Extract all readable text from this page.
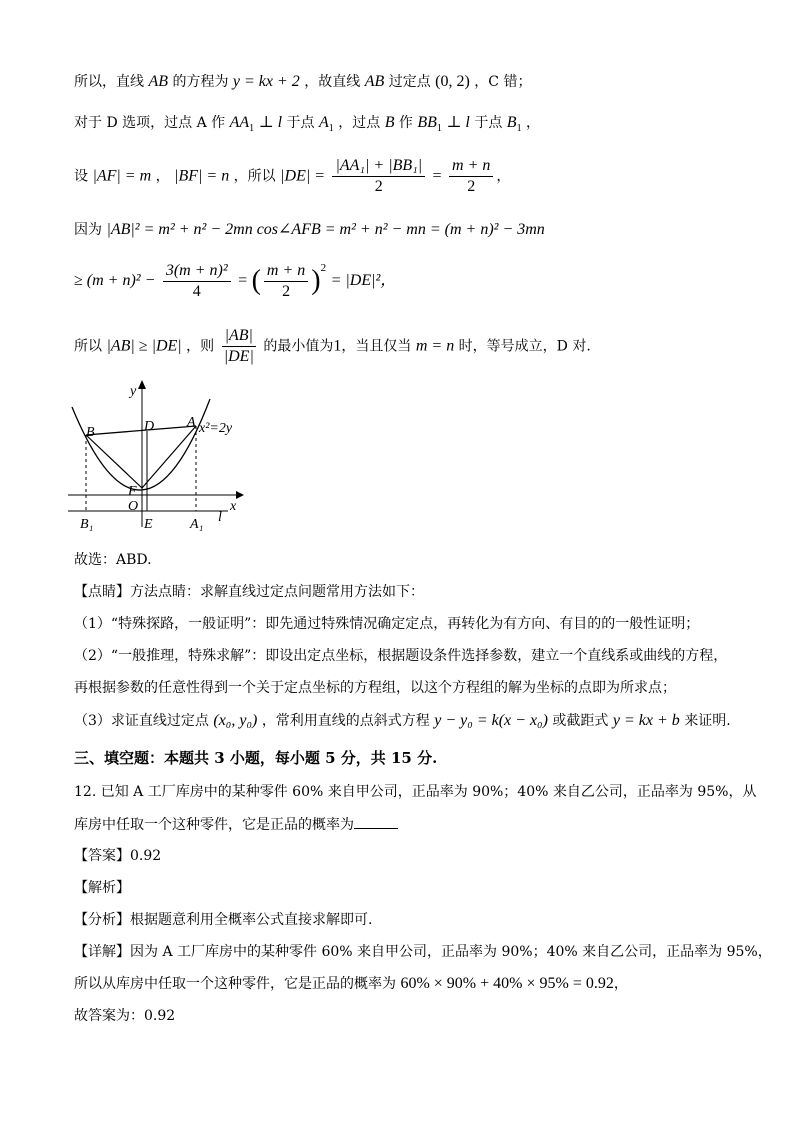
所以，直线 AB 的方程为 y = kx + 2 ，故直线 AB 过定点 (0, 2) ，C 错；
对于 D 选项，过点 A 作 $AA_1$ ⊥ l 于点 $A_1$ ，过点 B 作 $BB_1$ ⊥ l 于点 $B_1$ ，
设 |AF| = m ， |BF| = n ，所以 $|DE| = \frac{\text{|AA₁| + |BB₁|}}{2} = \frac{m + n}{2}$ ，
因为 |AB|² = m² + n² − 2mn cos∠AFB = m² + n² − mn = (m + n)² − 3mn
≥ $(m + n)^2 - \frac{\text{3(m + n)²}}{4}$ = ( $\frac{m + n}{2} )^2 = |DE|^2$，
所以 |AB| ≥ |DE| ，则 $\frac{|AB|}{|DE|}$ 的最小值为1，当且仅当 m = n 时，等号成立，D 对.
y
x
B	D A x²=2y
F
O
B₁	E	A₁ l
故选：ABD.
【点睛】方法点睛：求解直线过定点问题常用方法如下：
（1）“特殊探路，一般证明”：即先通过特殊情况确定定点，再转化为有方向、有目的的一般性证明；
（2）“一般推理，特殊求解”：即设出定点坐标，根据题设条件选择参数，建立一个直线系或曲线的方程，
再根据参数的任意性得到一个关于定点坐标的方程组，以这个方程组的解为坐标的点即为所求点；
（3）求证直线过定点 (x₀, y₀) ，常利用直线的点斜式方程 y − y₀ = k(x − x₀) 或截距式 y = kx + b 来证明.
三、填空题：本题共 3 小题，每小题 5 分，共 15 分.
12. 已知 A 工厂库房中的某种零件 60% 来自甲公司，正品率为 90%；40% 来自乙公司，正品率为 95%，从
库房中任取一个这种零件，它是正品的概率为
【答案】0.92
【解析】
【分析】根据题意利用全概率公式直接求解即可.
【详解】因为 A 工厂库房中的某种零件 60% 来自甲公司，正品率为 90%；40% 来自乙公司，正品率为 95%，
所以从库房中任取一个这种零件，它是正品的概率为 60% × 90% + 40% × 95% = 0.92，
故答案为：0.92
